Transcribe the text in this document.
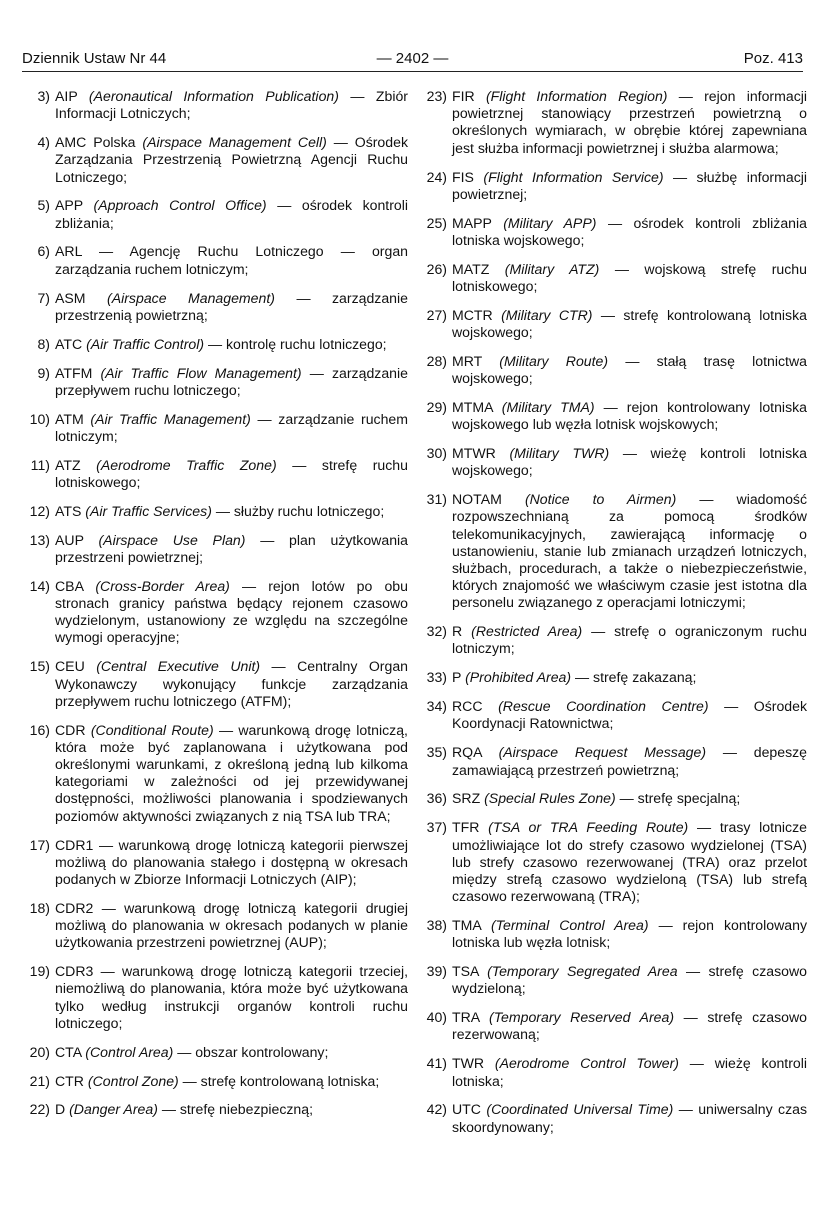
Dziennik Ustaw Nr 44	— 2402 —	Poz. 413
3) AIP (Aeronautical Information Publication) — Zbiór Informacji Lotniczych;
4) AMC Polska (Airspace Management Cell) — Ośrodek Zarządzania Przestrzenią Powietrzną Agencji Ruchu Lotniczego;
5) APP (Approach Control Office) — ośrodek kontroli zbliżania;
6) ARL — Agencję Ruchu Lotniczego — organ zarządzania ruchem lotniczym;
7) ASM (Airspace Management) — zarządzanie przestrzenią powietrzną;
8) ATC (Air Traffic Control) — kontrolę ruchu lotniczego;
9) ATFM (Air Traffic Flow Management) — zarządzanie przepływem ruchu lotniczego;
10) ATM (Air Traffic Management) — zarządzanie ruchem lotniczym;
11) ATZ (Aerodrome Traffic Zone) — strefę ruchu lotniskowego;
12) ATS (Air Traffic Services) — służby ruchu lotniczego;
13) AUP (Airspace Use Plan) — plan użytkowania przestrzeni powietrznej;
14) CBA (Cross-Border Area) — rejon lotów po obu stronach granicy państwa będący rejonem czasowo wydzielonym, ustanowiony ze względu na szczególne wymogi operacyjne;
15) CEU (Central Executive Unit) — Centralny Organ Wykonawczy wykonujący funkcje zarządzania przepływem ruchu lotniczego (ATFM);
16) CDR (Conditional Route) — warunkową drogę lotniczą, która może być zaplanowana i użytkowana pod określonymi warunkami, z określoną jedną lub kilkoma kategoriami w zależności od jej przewidywanej dostępności, możliwości planowania i spodziewanych poziomów aktywności związanych z nią TSA lub TRA;
17) CDR1 — warunkową drogę lotniczą kategorii pierwszej możliwą do planowania stałego i dostępną w okresach podanych w Zbiorze Informacji Lotniczych (AIP);
18) CDR2 — warunkową drogę lotniczą kategorii drugiej możliwą do planowania w okresach podanych w planie użytkowania przestrzeni powietrznej (AUP);
19) CDR3 — warunkową drogę lotniczą kategorii trzeciej, niemożliwą do planowania, która może być użytkowana tylko według instrukcji organów kontroli ruchu lotniczego;
20) CTA (Control Area) — obszar kontrolowany;
21) CTR (Control Zone) — strefę kontrolowaną lotniska;
22) D (Danger Area) — strefę niebezpieczną;
23) FIR (Flight Information Region) — rejon informacji powietrznej stanowiący przestrzeń powietrzną o określonych wymiarach, w obrębie której zapewniana jest służba informacji powietrznej i służba alarmowa;
24) FIS (Flight Information Service) — służbę informacji powietrznej;
25) MAPP (Military APP) — ośrodek kontroli zbliżania lotniska wojskowego;
26) MATZ (Military ATZ) — wojskową strefę ruchu lotniskowego;
27) MCTR (Military CTR) — strefę kontrolowaną lotniska wojskowego;
28) MRT (Military Route) — stałą trasę lotnictwa wojskowego;
29) MTMA (Military TMA) — rejon kontrolowany lotniska wojskowego lub węzła lotnisk wojskowych;
30) MTWR (Military TWR) — wieżę kontroli lotniska wojskowego;
31) NOTAM (Notice to Airmen) — wiadomość rozpowszechnianą za pomocą środków telekomunikacyjnych, zawierającą informację o ustanowieniu, stanie lub zmianach urządzeń lotniczych, służbach, procedurach, a także o niebezpieczeństwie, których znajomość we właściwym czasie jest istotna dla personelu związanego z operacjami lotniczymi;
32) R (Restricted Area) — strefę o ograniczonym ruchu lotniczym;
33) P (Prohibited Area) — strefę zakazaną;
34) RCC (Rescue Coordination Centre) — Ośrodek Koordynacji Ratownictwa;
35) RQA (Airspace Request Message) — depeszę zamawiającą przestrzeń powietrzną;
36) SRZ (Special Rules Zone) — strefę specjalną;
37) TFR (TSA or TRA Feeding Route) — trasy lotnicze umożliwiające lot do strefy czasowo wydzielonej (TSA) lub strefy czasowo rezerwowanej (TRA) oraz przelot między strefą czasowo wydzieloną (TSA) lub strefą czasowo rezerwowaną (TRA);
38) TMA (Terminal Control Area) — rejon kontrolowany lotniska lub węzła lotnisk;
39) TSA (Temporary Segregated Area — strefę czasowo wydzieloną;
40) TRA (Temporary Reserved Area) — strefę czasowo rezerwowaną;
41) TWR (Aerodrome Control Tower) — wieżę kontroli lotniska;
42) UTC (Coordinated Universal Time) — uniwersalny czas skoordynowany;
